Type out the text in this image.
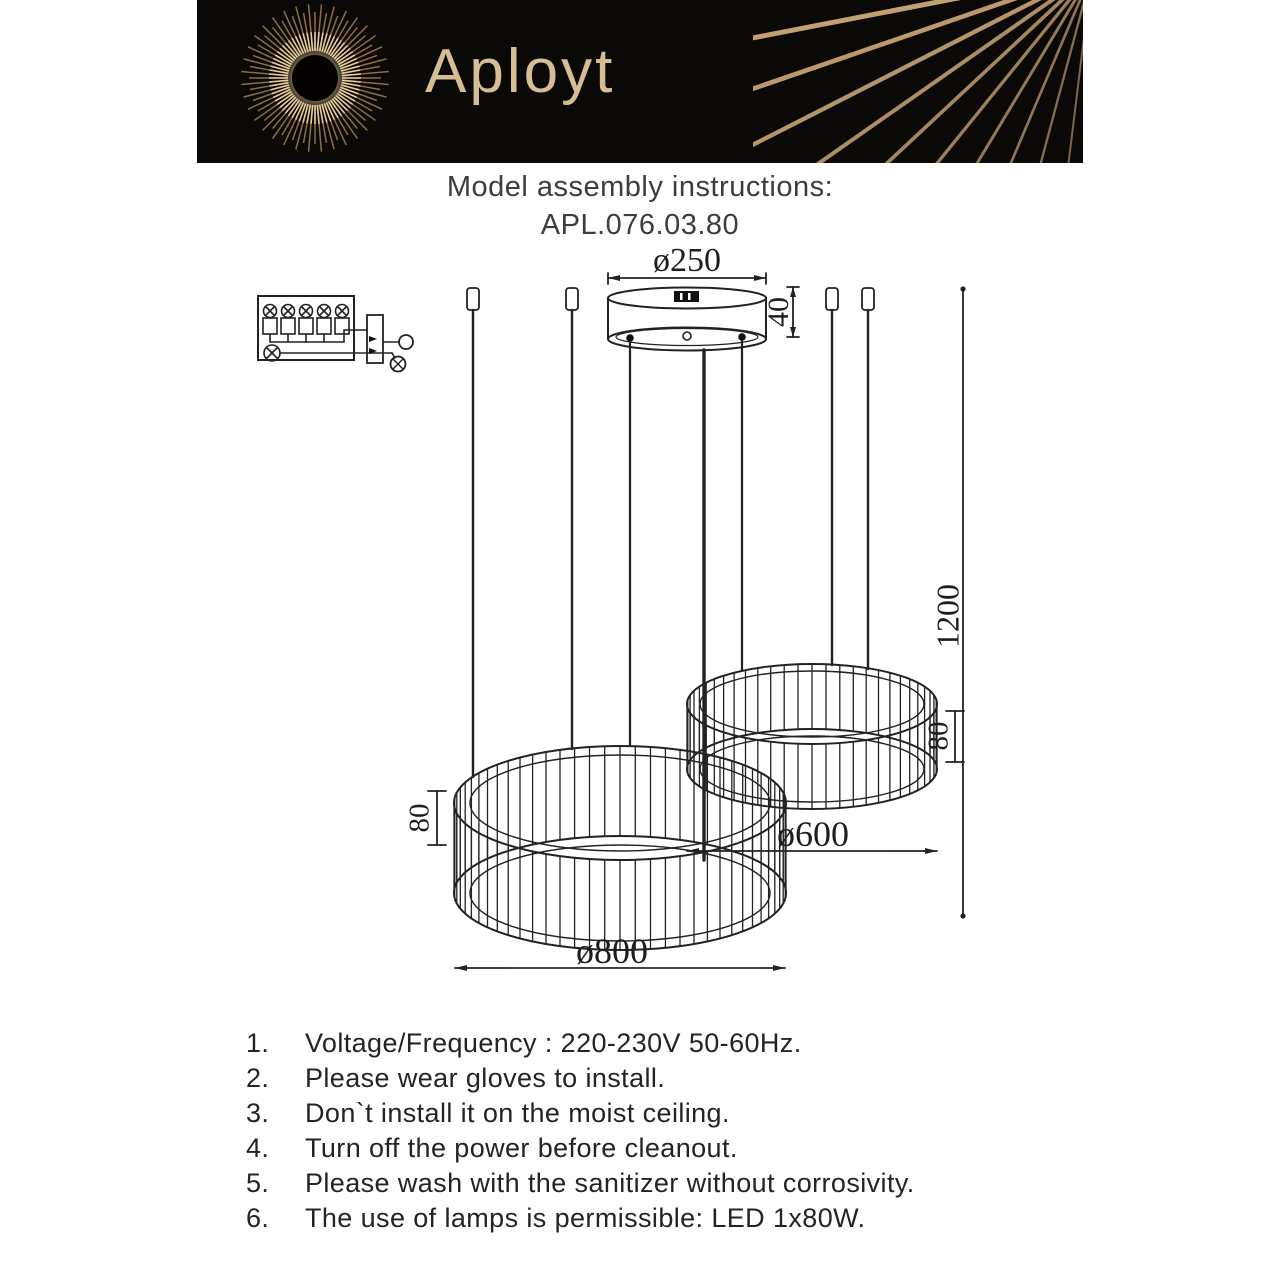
Aployt
Model assembly instructions:
APL.076.03.80
ø250
40
1200
80
80	ø600
ø800
1. Voltage/Frequency : 220-230V 50-60Hz.
2. Please wear gloves to install.
3. Don`t install it on the moist ceiling.
4. Turn off the power before cleanout.
5. Please wash with the sanitizer without corrosivity.
6. The use of lamps is permissible: LED 1x80W.
